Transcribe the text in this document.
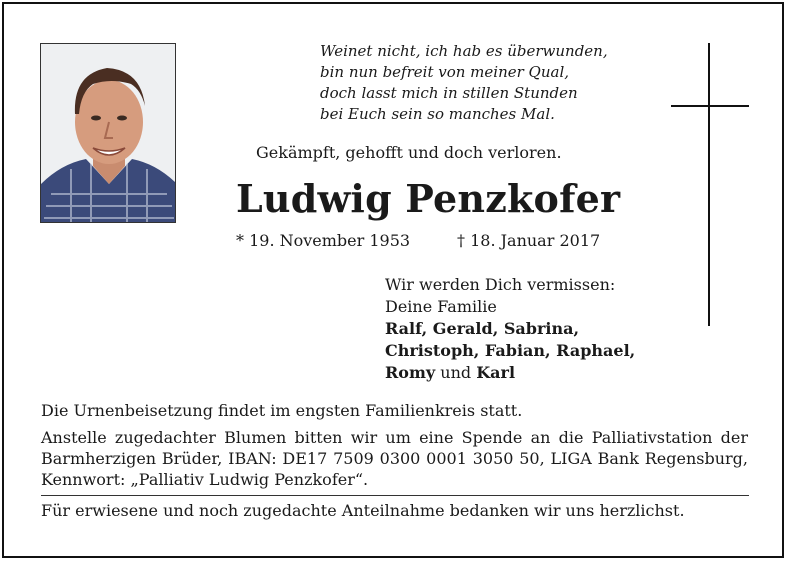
Weinet nicht, ich hab es überwunden,
bin nun befreit von meiner Qual,
doch lasst mich in stillen Stunden
bei Euch sein so manches Mal.
Gekämpft, gehofft und doch verloren.
Ludwig Penzkofer
* 19. November 1953	† 18. Januar 2017
Wir werden Dich vermissen:
Deine Familie
Ralf, Gerald, Sabrina,
Christoph, Fabian, Raphael,
Romy und Karl
Die Urnenbeisetzung findet im engsten Familienkreis statt.
Anstelle zugedachter Blumen bitten wir um eine Spende an die Palliativstation der Barmherzigen Brüder, IBAN: DE17 7509 0300 0001 3050 50, LIGA Bank Regensburg, Kennwort: „Palliativ Ludwig Penzkofer“.
Für erwiesene und noch zugedachte Anteilnahme bedanken wir uns herzlichst.
